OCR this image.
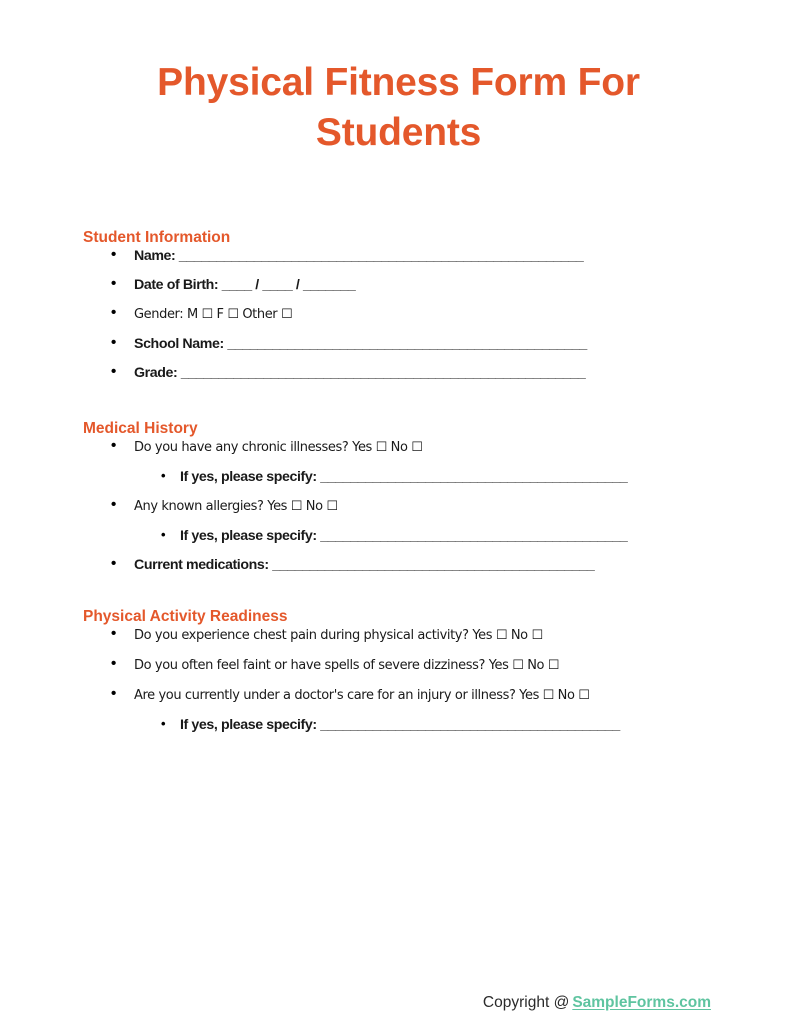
Physical Fitness Form For Students
Student Information
• Name: ______________________________________________________
• Date of Birth: ____ / ____ / _______
• Gender: M ☐ F ☐ Other ☐
• School Name: ________________________________________________
• Grade: ______________________________________________________
Medical History
• Do you have any chronic illnesses? Yes ☐ No ☐
• If yes, please specify: _________________________________________
• Any known allergies? Yes ☐ No ☐
• If yes, please specify: _________________________________________
• Current medications: ___________________________________________
Physical Activity Readiness
• Do you experience chest pain during physical activity? Yes ☐ No ☐
• Do you often feel faint or have spells of severe dizziness? Yes ☐ No ☐
• Are you currently under a doctor's care for an injury or illness? Yes ☐ No ☐
• If yes, please specify: ________________________________________
Copyright @ SampleForms.com
